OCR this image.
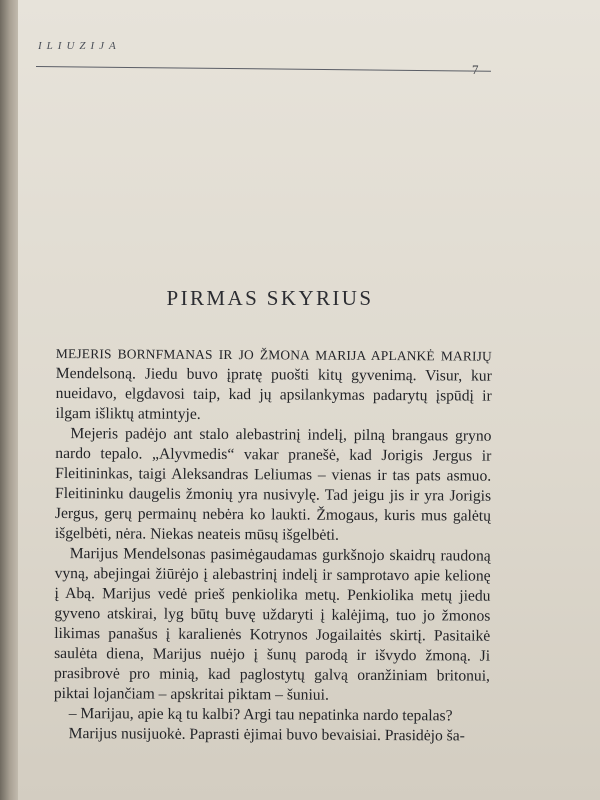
ILIUZIJA
7
PIRMAS SKYRIUS

MEJERIS BORNFMANAS IR JO ŽMONA MARIJA APLANKĖ MARIJŲ Mendelsoną. Jiedu buvo įpratę puošti kitų gyvenimą. Visur, kur nueidavo, elgdavosi taip, kad jų apsilankymas padarytų įspūdį ir ilgam išliktų atmintyje.

Mejeris padėjo ant stalo alebastrinį indelį, pilną brangaus gryno nardo tepalo. „Alyvmedis“ vakar pranešė, kad Jorigis Jergus ir Fleitininkas, taigi Aleksandras Leliumas – vienas ir tas pats asmuo. Fleitininku daugelis žmonių yra nusivylę. Tad jeigu jis ir yra Jorigis Jergus, gerų permainų nebėra ko laukti. Žmogaus, kuris mus galėtų išgelbėti, nėra. Niekas neateis mūsų išgelbėti.

Marijus Mendelsonas pasimėgaudamas gurkšnojo skaidrų raudoną vyną, abejingai žiūrėjo į alebastrinį indelį ir samprotavo apie kelionę į Abą. Marijus vedė prieš penkiolika metų. Penkiolika metų jiedu gyveno atskirai, lyg būtų buvę uždaryti į kalėjimą, tuo jo žmonos likimas panašus į karalienės Kotrynos Jogailaitės skirtį. Pasitaikė saulėta diena, Marijus nuėjo į šunų parodą ir išvydo žmoną. Ji prasibrovė pro minią, kad paglostytų galvą oranžiniam britonui, piktai lojančiam – apskritai piktam – šuniui.

– Marijau, apie ką tu kalbi? Argi tau nepatinka nardo tepalas?

Marijus nusijuokė. Paprasti ėjimai buvo bevaisiai. Prasidėjo ša-
